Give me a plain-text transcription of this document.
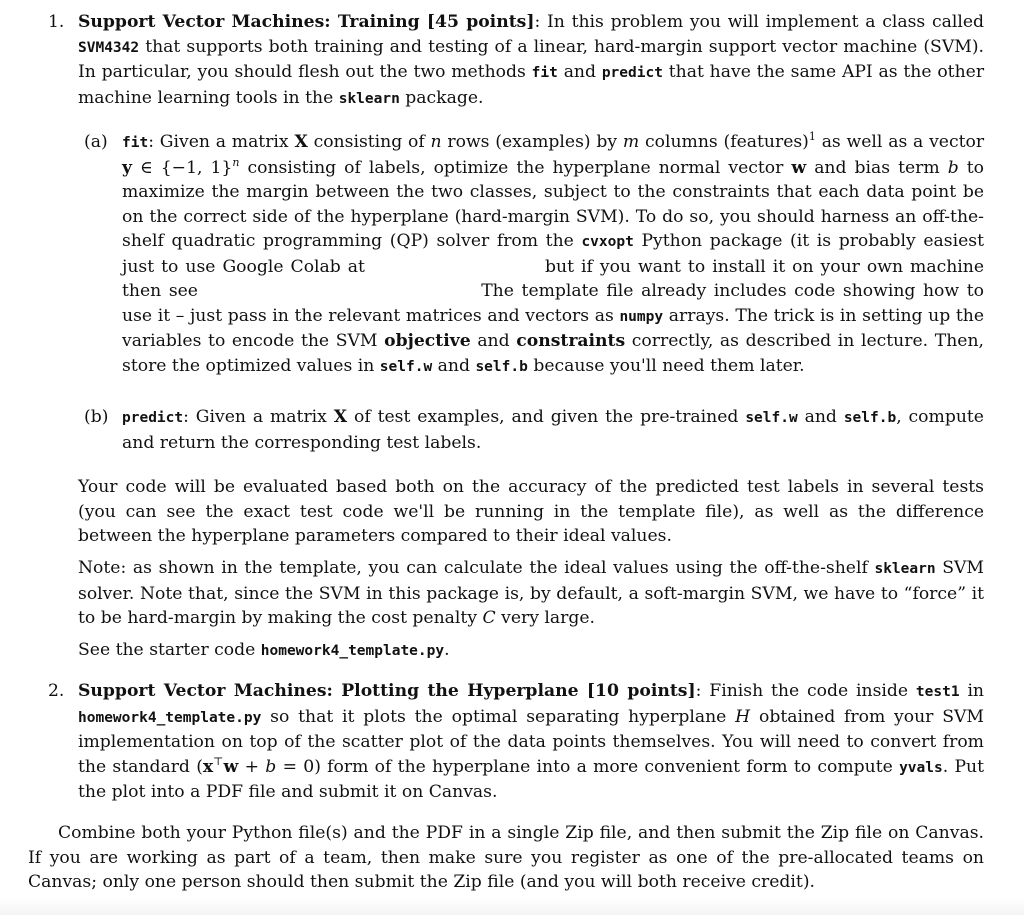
1. Support Vector Machines: Training [45 points]: In this problem you will implement a class called SVM4342 that supports both training and testing of a linear, hard-margin support vector machine (SVM). In particular, you should flesh out the two methods fit and predict that have the same API as the other machine learning tools in the sklearn package.
(a) fit: Given a matrix X consisting of n rows (examples) by m columns (features)$^1$ as well as a vector y ∈ {−1, 1}$^n$ consisting of labels, optimize the hyperplane normal vector w and bias term b to maximize the margin between the two classes, subject to the constraints that each data point be on the correct side of the hyperplane (hard-margin SVM). To do so, you should harness an off-the-shelf quadratic programming (QP) solver from the cvxopt Python package (it is probably easiest just to use Google Colab at	but if you want to install it on your own machine then see	The template file already includes code showing how to use it – just pass in the relevant matrices and vectors as numpy arrays. The trick is in setting up the variables to encode the SVM objective and constraints correctly, as described in lecture. Then, store the optimized values in self.w and self.b because you'll need them later.
(b) predict: Given a matrix X of test examples, and given the pre-trained self.w and self.b, compute and return the corresponding test labels.
Your code will be evaluated based both on the accuracy of the predicted test labels in several tests (you can see the exact test code we'll be running in the template file), as well as the difference between the hyperplane parameters compared to their ideal values.
Note: as shown in the template, you can calculate the ideal values using the off-the-shelf sklearn SVM solver. Note that, since the SVM in this package is, by default, a soft-margin SVM, we have to “force” it to be hard-margin by making the cost penalty C very large.
See the starter code homework4_template.py.
2. Support Vector Machines: Plotting the Hyperplane [10 points]: Finish the code inside test1 in homework4_template.py so that it plots the optimal separating hyperplane H obtained from your SVM implementation on top of the scatter plot of the data points themselves. You will need to convert from the standard (x⊤w + b = 0) form of the hyperplane into a more convenient form to compute yvals. Put the plot into a PDF file and submit it on Canvas.
Combine both your Python file(s) and the PDF in a single Zip file, and then submit the Zip file on Canvas. If you are working as part of a team, then make sure you register as one of the pre-allocated teams on Canvas; only one person should then submit the Zip file (and you will both receive credit).
